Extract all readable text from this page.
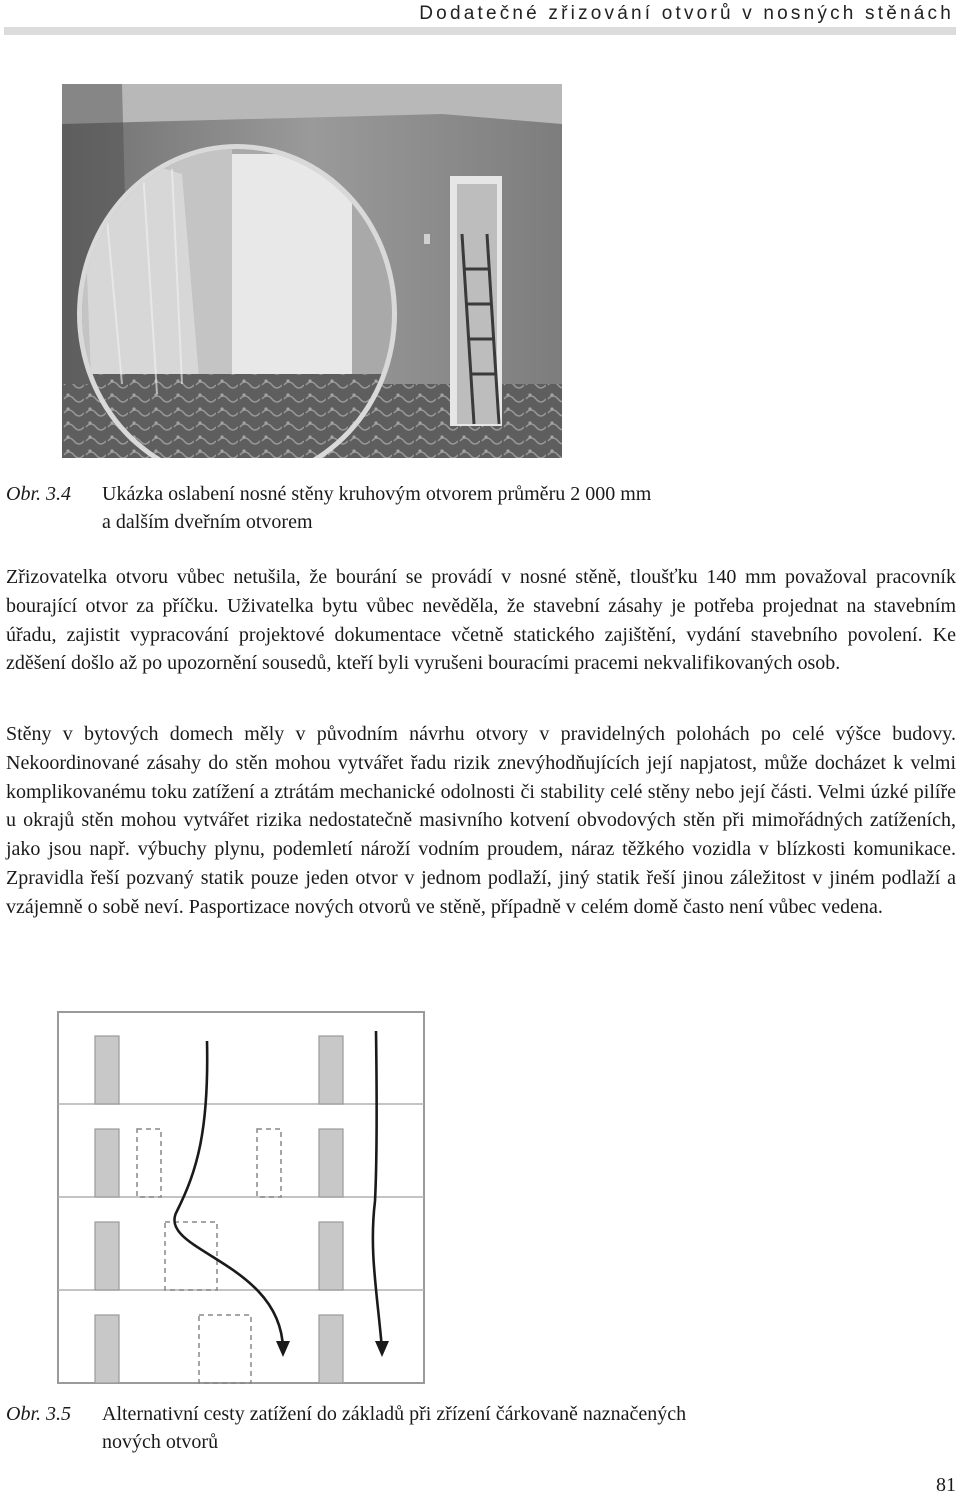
Dodatečné zřizování otvorů v nosných stěnách
Obr. 3.4 Ukázka oslabení nosné stěny kruhovým otvorem průměru 2 000 mm
a dalším dveřním otvorem

Zřizovatelka otvoru vůbec netušila, že bourání se provádí v nosné stěně, tloušťku 140 mm považoval pracovník bourající otvor za příčku. Uživatelka bytu vůbec nevěděla, že stavební zásahy je potřeba projednat na stavebním úřadu, zajistit vypracování projektové dokumentace včetně statického zajištění, vydání stavebního povolení. Ke zděšení došlo až po upozornění sousedů, kteří byli vyrušeni bouracími pracemi nekvalifikovaných osob.

Stěny v bytových domech měly v původním návrhu otvory v pravidelných polohách po celé výšce budovy. Nekoordinované zásahy do stěn mohou vytvářet řadu rizik znevýhodňujících její napjatost, může docházet k velmi komplikovanému toku zatížení a ztrátám mechanické odolnosti či stability celé stěny nebo její části. Velmi úzké pilíře u okrajů stěn mohou vytvářet rizika nedostatečně masivního kotvení obvodových stěn při mimořádných zatíženích, jako jsou např. výbuchy plynu, podemletí nároží vodním proudem, náraz těžkého vozidla v blízkosti komunikace. Zpravidla řeší pozvaný statik pouze jeden otvor v jednom podlaží, jiný statik řeší jinou záležitost v jiném podlaží a vzájemně o sobě neví. Pasportizace nových otvorů ve stěně, případně v celém domě často není vůbec vedena.

Obr. 3.5 Alternativní cesty zatížení do základů při zřízení čárkovaně naznačených
nových otvorů
81
